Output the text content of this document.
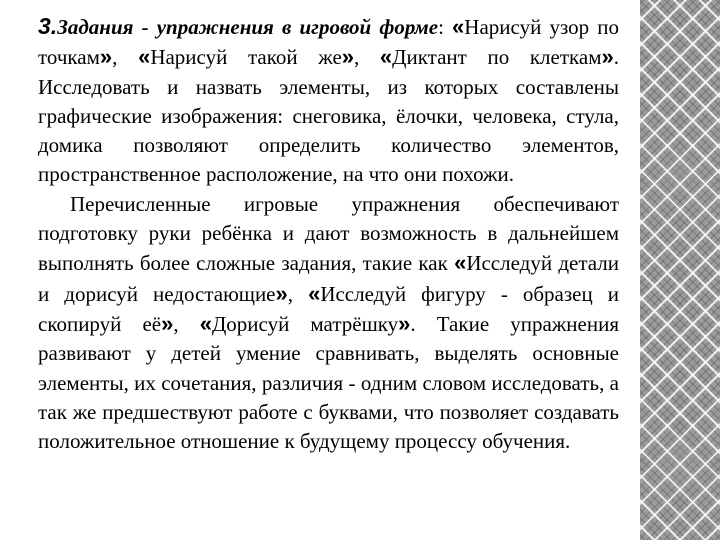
3.Задания - упражнения в игровой форме: «Нарисуй узор по точкам», «Нарисуй такой же», «Диктант по клеткам». Исследовать и назвать элементы, из которых составлены графические изображения: снеговика, ёлочки, человека, стула, домика позволяют определить количество элементов, пространственное расположение, на что они похожи.

Перечисленные игровые упражнения обеспечивают подготовку руки ребёнка и дают возможность в дальнейшем выполнять более сложные задания, такие как «Исследуй детали и дорисуй недостающие», «Исследуй фигуру - образец и скопируй её», «Дорисуй матрёшку». Такие упражнения развивают у детей умение сравнивать, выделять основные элементы, их сочетания, различия - одним словом исследовать, а так же предшествуют работе с буквами, что позволяет создавать положительное отношение к будущему процессу обучения.
